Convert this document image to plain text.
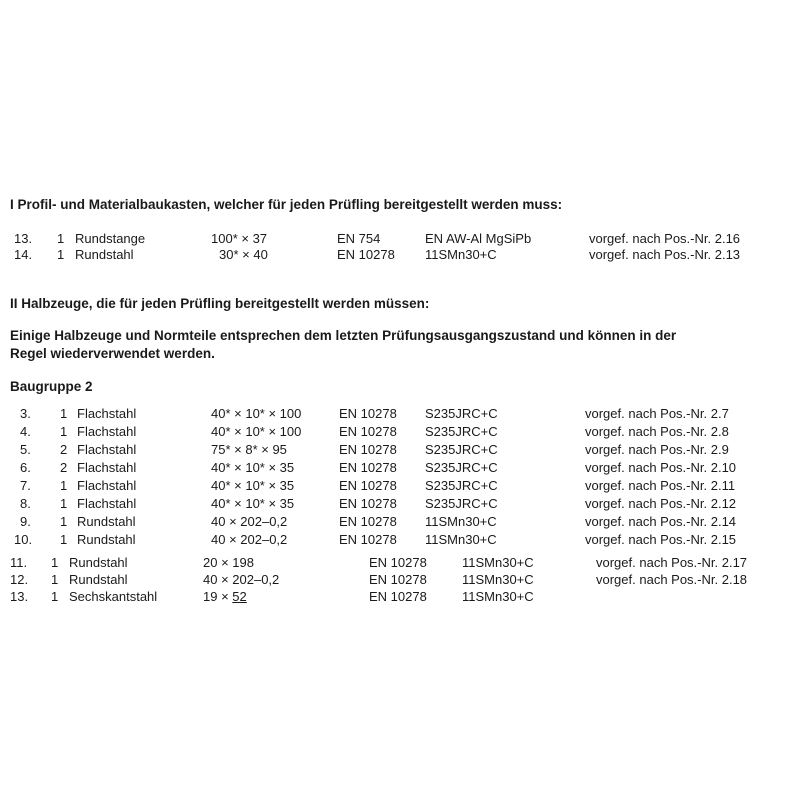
I Profil- und Materialbaukasten, welcher für jeden Prüfling bereitgestellt werden muss:
13. 1 Rundstange	100* × 37	EN 754	EN AW-Al MgSiPb	vorgef. nach Pos.-Nr. 2.16
14. 1 Rundstahl	30* × 40	EN 10278 11SMn30+C	vorgef. nach Pos.-Nr. 2.13
II Halbzeuge, die für jeden Prüfling bereitgestellt werden müssen:
Einige Halbzeuge und Normteile entsprechen dem letzten Prüfungsausgangszustand und können in der
Regel wiederverwendet werden.
Baugruppe 2
3. 1 Flachstahl	40* × 10* × 100	EN 10278 S235JRC+C	vorgef. nach Pos.-Nr. 2.7
4. 1 Flachstahl	40* × 10* × 100	EN 10278 S235JRC+C	vorgef. nach Pos.-Nr. 2.8
5. 2 Flachstahl	75* × 8* × 95	EN 10278 S235JRC+C	vorgef. nach Pos.-Nr. 2.9
6. 2 Flachstahl	40* × 10* × 35	EN 10278 S235JRC+C	vorgef. nach Pos.-Nr. 2.10
7. 1 Flachstahl	40* × 10* × 35	EN 10278 S235JRC+C	vorgef. nach Pos.-Nr. 2.11
8. 1 Flachstahl	40* × 10* × 35	EN 10278 S235JRC+C	vorgef. nach Pos.-Nr. 2.12
9. 1 Rundstahl	40 × 202–0,2	EN 10278 11SMn30+C	vorgef. nach Pos.-Nr. 2.14
10. 1 Rundstahl	40 × 202–0,2	EN 10278 11SMn30+C	vorgef. nach Pos.-Nr. 2.15
11. 1 Rundstahl	20 × 198	EN 10278	11SMn30+C	vorgef. nach Pos.-Nr. 2.17
12. 1 Rundstahl	40 × 202–0,2	EN 10278	11SMn30+C	vorgef. nach Pos.-Nr. 2.18
13. 1 Sechskantstahl	19 × 52	EN 10278	11SMn30+C
